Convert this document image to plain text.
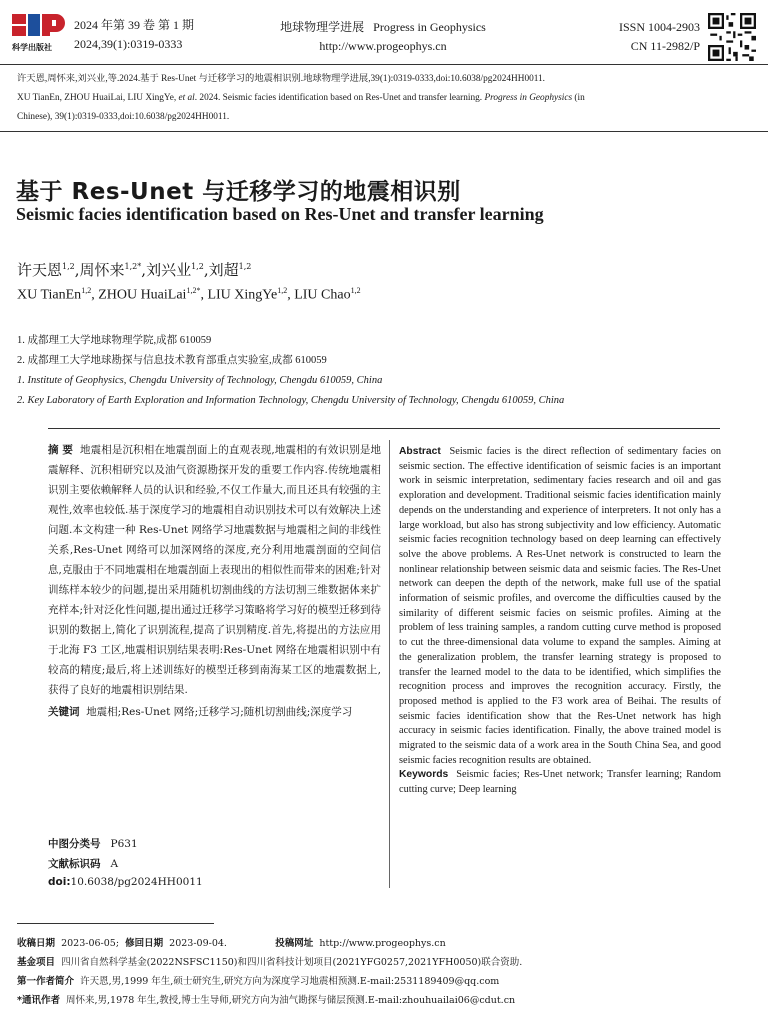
科学出版社
2024 年第 39 卷 第 1 期
2024,39(1):0319-0333
地球物理学进展 Progress in Geophysics
http://www.progeophys.cn
ISSN 1004-2903
CN 11-2982/P
许天恩,周怀来,刘兴业,等.2024.基于 Res-Unet 与迁移学习的地震相识别.地球物理学进展,39(1):0319-0333,doi:10.6038/pg2024HH0011.
XU TianEn, ZHOU HuaiLai, LIU XingYe, et al. 2024. Seismic facies identification based on Res-Unet and transfer learning. Progress in Geophysics (in
Chinese), 39(1):0319-0333,doi:10.6038/pg2024HH0011.
基于 Res-Unet 与迁移学习的地震相识别
Seismic facies identification based on Res-Unet and transfer learning
许天恩$^{1,2}$,周怀来$^{1,2*}$,刘兴业$^{1,2}$,刘超$^{1,2}$
XU TianEn$^{1,2}$, ZHOU HuaiLai$^{1,2*}$, LIU XingYe$^{1,2}$, LIU Chao$^{1,2}$
1. 成都理工大学地球物理学院,成都 610059
2. 成都理工大学地球勘探与信息技术教育部重点实验室,成都 610059
1. Institute of Geophysics, Chengdu University of Technology, Chengdu 610059, China
2. Key Laboratory of Earth Exploration and Information Technology, Chengdu University of Technology, Chengdu 610059, China
摘 要 地震相是沉积相在地震剖面上的直观表现,地震相的有效识别是地震解释、沉积相研究以及油气资源勘探开发的重要工作内容.传统地震相识别主要依赖解释人员的认识和经验,不仅工作量大,而且还具有较强的主观性,效率也较低.基于深度学习的地震相自动识别技术可以有效解决上述问题.本文构建一种 Res-Unet 网络学习地震数据与地震相之间的非线性关系,Res-Unet 网络可以加深网络的深度,充分利用地震剖面的空间信息,克服由于不同地震相在地震剖面上表现出的相似性而带来的困难;针对训练样本较少的问题,提出采用随机切割曲线的方法切割三维数据体来扩充样本;针对泛化性问题,提出通过迁移学习策略将学习好的模型迁移到待识别的数据上,简化了识别流程,提高了识别精度.首先,将提出的方法应用于北海 F3 工区,地震相识别结果表明:Res-Unet 网络在地震相识别中有较高的精度;最后,将上述训练好的模型迁移到南海某工区的地震数据上,获得了良好的地震相识别结果.
关键词 地震相;Res-Unet 网络;迁移学习;随机切割曲线;深度学习
中图分类号 P631
文献标识码 A
doi:10.6038/pg2024HH0011
Abstract Seismic facies is the direct reflection of sedimentary facies on seismic section. The effective identification of seismic facies is an important work in seismic interpretation, sedimentary facies research and oil and gas exploration and development. Traditional seismic facies identification mainly depends on the understanding and experience of interpreters. It not only has a large workload, but also has strong subjectivity and low efficiency. Automatic seismic facies recognition technology based on deep learning can effectively solve the above problems. A Res-Unet network is constructed to learn the nonlinear relationship between seismic data and seismic facies. The Res-Unet network can deepen the depth of the network, make full use of the spatial information of seismic profiles, and overcome the difficulties caused by the similarity of different seismic facies on seismic profiles. Aiming at the problem of less training samples, a random cutting curve method is proposed to cut the three-dimensional data volume to expand the samples. Aiming at the generalization problem, the transfer learning strategy is proposed to transfer the learned model to the data to be identified, which simplifies the recognition process and improves the recognition accuracy. Firstly, the proposed method is applied to the F3 work area of Beihai. The results of seismic facies identification show that the Res-Unet network has high accuracy in seismic facies identification. Finally, the above trained model is migrated to the seismic data of a work area in the South China Sea, and good seismic facies recognition results are obtained.
Keywords Seismic facies; Res-Unet network; Transfer learning; Random cutting curve; Deep learning
收稿日期 2023-06-05; 修回日期 2023-09-04.	投稿网址 http://www.progeophys.cn
基金项目 四川省自然科学基金(2022NSFSC1150)和四川省科技计划项目(2021YFG0257,2021YFH0050)联合资助.
第一作者简介 许天恩,男,1999 年生,硕士研究生,研究方向为深度学习地震相预测.E-mail:2531189409@qq.com
*通讯作者 周怀来,男,1978 年生,教授,博士生导师,研究方向为油气勘探与储层预测.E-mail:zhouhuailai06@cdut.cn
